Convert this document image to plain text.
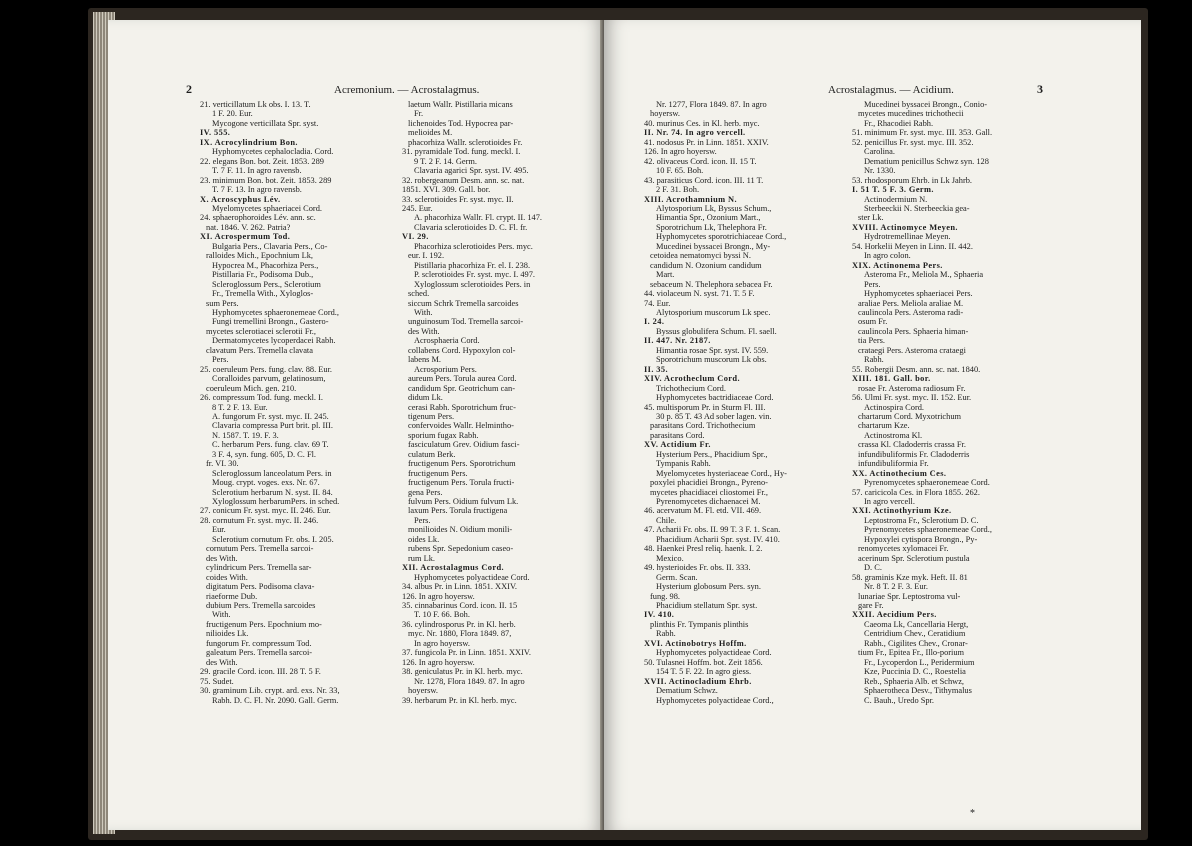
2	Acremonium. — Acrostalagmus.
21. verticillatum Lk obs. I. 13. T.
1 F. 20. Eur.
Mycogone verticillata Spr. syst.
IV. 555.
IX. Acrocylindrium Bon.
Hyphomycetes cephalocladia. Cord.
22. elegans Bon. bot. Zeit. 1853. 289
T. 7 F. 11. In agro ravensb.
23. minimum Bon. bot. Zeit. 1853. 289
T. 7 F. 13. In agro ravensb.
X. Acroscyphus Lév.
Myelomycetes sphaeriacei Cord.
24. sphaerophoroides Lév. ann. sc.
nat. 1846. V. 262. Patria?
XI. Acrospermum Tod.
Bulgaria Pers., Clavaria Pers., Co-
ralloides Mich., Epochnium Lk,
Hypocrea M., Phacorhiza Pers.,
Pistillaria Fr., Podisoma Dub.,
Scleroglossum Pers., Sclerotium
Fr., Tremella With., Xyloglos-
sum Pers.
Hyphomycetes sphaeronemeae Cord.,
Fungi tremellini Brongn., Gastero-
mycetes sclerotiacei sclerotii Fr.,
Dermatomycetes lycoperdacei Rabh.
clavatum Pers. Tremella clavata
Pers.
25. coeruleum Pers. fung. clav. 88. Eur.
Coralloides parvum, gelatinosum,
coeruleum Mich. gen. 210.
26. compressum Tod. fung. meckl. I.
8 T. 2 F. 13. Eur.
A. fungorum Fr. syst. myc. II. 245.
Clavaria compressa Purt brit. pl. III.
N. 1587. T. 19. F. 3.
C. herbarum Pers. fung. clav. 69 T.
3 F. 4, syn. fung. 605, D. C. Fl.
fr. VI. 30.
Scleroglossum lanceolatum Pers. in
Moug. crypt. voges. exs. Nr. 67.
Sclerotium herbarum N. syst. II. 84.
Xyloglossum herbarumPers. in sched.
27. conicum Fr. syst. myc. II. 246. Eur.
28. cornutum Fr. syst. myc. II. 246.
Eur.
Sclerotium cornutum Fr. obs. I. 205.
cornutum Pers. Tremella sarcoi-
des With.
cylindricum Pers. Tremella sar-
coides With.
digitatum Pers. Podisoma clava-
riaeforme Dub.
dubium Pers. Tremella sarcoides
With.
fructigenum Pers. Epochnium mo-
nilioides Lk.
fungorum Fr. compressum Tod.
galeatum Pers. Tremella sarcoi-
des With.
29. gracile Cord. icon. III. 28 T. 5 F.
75. Sudet.
30. graminum Lib. crypt. ard. exs. Nr. 33,
Rabh. D. C. Fl. Nr. 2090. Gall. Germ.
laetum Wallr. Pistillaria micans
Fr.
lichenoides Tod. Hypocrea par-
melioides M.
phacorhiza Wallr. sclerotioides Fr.
31. pyramidale Tod. fung. meckl. I.
9 T. 2 F. 14. Germ.
Clavaria agarici Spr. syst. IV. 495.
32. robergeanum Desm. ann. sc. nat.
1851. XVI. 309. Gall. bor.
33. sclerotioides Fr. syst. myc. II.
245. Eur.
A. phacorhiza Wallr. Fl. crypt. II. 147.
Clavaria sclerotioides D. C. Fl. fr.
VI. 29.
Phacorhiza sclerotioides Pers. myc.
eur. I. 192.
Pistillaria phacorhiza Fr. el. I. 238.
P. sclerotioides Fr. syst. myc. I. 497.
Xyloglossum sclerotioides Pers. in
sched.
siccum Schrk Tremella sarcoides
With.
unguinosum Tod. Tremella sarcoi-
des With.
Acrosphaeria Cord.
collabens Cord. Hypoxylon col-
labens M.
Acrosporium Pers.
aureum Pers. Torula aurea Cord.
candidum Spr. Geotrichum can-
didum Lk.
cerasi Rabh. Sporotrichum fruc-
tigenum Pers.
confervoides Wallr. Helmintho-
sporium fugax Rabh.
fasciculatum Grev. Oidium fasci-
culatum Berk.
fructigenum Pers. Sporotrichum
fructigenum Pers.
fructigenum Pers. Torula fructi-
gena Pers.
fulvum Pers. Oidium fulvum Lk.
laxum Pers. Torula fructigena
Pers.
monilioides N. Oidium monili-
oides Lk.
rubens Spr. Sepedonium caseo-
rum Lk.
XII. Acrostalagmus Cord.
Hyphomycetes polyactideae Cord.
34. albus Pr. in Linn. 1851. XXIV.
126. In agro hoyersw.
35. cinnabarinus Cord. icon. II. 15
T. 10 F. 66. Boh.
36. cylindrosporus Pr. in Kl. herb.
myc. Nr. 1880, Flora 1849. 87,
In agro hoyersw.
37. fungicola Pr. in Linn. 1851. XXIV.
126. In agro hoyersw.
38. geniculatus Pr. in Kl. herb. myc.
Nr. 1278, Flora 1849. 87. In agro
hoyersw.
39. herbarum Pr. in Kl. herb. myc.
Acrostalagmus. — Acidium.	3
Nr. 1277, Flora 1849. 87. In agro
hoyersw.
40. murinus Ces. in Kl. herb. myc.
II. Nr. 74. In agro vercell.
41. nodosus Pr. in Linn. 1851. XXIV.
126. In agro hoyersw.
42. olivaceus Cord. icon. II. 15 T.
10 F. 65. Boh.
43. parasiticus Cord. icon. III. 11 T.
2 F. 31. Boh.
XIII. Acrothamnium N.
Alytosporium Lk, Byssus Schum.,
Himantia Spr., Ozonium Mart.,
Sporotrichum Lk, Thelephora Fr.
Hyphomycetes sporotrichiaceae Cord.,
Mucedinei byssacei Brongn., My-
cetoidea nematomyci byssi N.
candidum N. Ozonium candidum
Mart.
sebaceum N. Thelephora sebacea Fr.
44. violaceum N. syst. 71. T. 5 F.
74. Eur.
Alytosporium muscorum Lk spec.
I. 24.
Byssus globulifera Schum. Fl. saell.
II. 447. Nr. 2187.
Himantia rosae Spr. syst. IV. 559.
Sporotrichum muscorum Lk obs.
II. 35.
XIV. Acrotheclum Cord.
Trichothecium Cord.
Hyphomycetes bactridiaceae Cord.
45. multisporum Pr. in Sturm Fl. III.
30 p. 85 T. 43 Ad sober lagen. vin.
parasitans Cord. Trichothecium
parasitans Cord.
XV. Actidium Fr.
Hysterium Pers., Phacidium Spr.,
Tympanis Rabh.
Myelomycetes hysteriaceae Cord., Hy-
poxylei phacidiei Brongn., Pyreno-
mycetes phacidiacei cliostomei Fr.,
Pyrenomycetes dichaenacei M.
46. acervatum M. Fl. etd. VII. 469.
Chile.
47. Acharii Fr. obs. II. 99 T. 3 F. 1. Scan.
Phacidium Acharii Spr. syst. IV. 410.
48. Haenkei Presl reliq. haenk. I. 2.
Mexico.
49. hysterioides Fr. obs. II. 333.
Germ. Scan.
Hysterium globosum Pers. syn.
fung. 98.
Phacidium stellatum Spr. syst.
IV. 410.
plinthis Fr. Tympanis plinthis
Rabh.
XVI. Actinobotrys Hoffm.
Hyphomycetes polyactideae Cord.
50. Tulasnei Hoffm. bot. Zeit 1856.
154 T. 5 F. 22. In agro giess.
XVII. Actinocladium Ehrb.
Dematium Schwz.
Hyphomycetes polyactideae Cord.,
Mucedinei byssacei Brongn., Conio-
mycetes mucedines trichothecii
Fr., Rhacodiei Rabh.
51. minimum Fr. syst. myc. III. 353. Gall.
52. penicillus Fr. syst. myc. III. 352.
Carolina.
Dematium penicillus Schwz syn. 128
Nr. 1330.
53. rhodosporum Ehrb. in Lk Jahrb.
I. 51 T. 5 F. 3. Germ.
Actinodermium N.
Sterbeeckii N. Sterbeeckia gea-
ster Lk.
XVIII. Actinomyce Meyen.
Hydrotremellinae Meyen.
54. Horkelii Meyen in Linn. II. 442.
In agro colon.
XIX. Actinonema Pers.
Asteroma Fr., Meliola M., Sphaeria
Pers.
Hyphomycetes sphaeriacei Pers.
araliae Pers. Meliola araliae M.
caulincola Pers. Asteroma radi-
osum Fr.
caulincola Pers. Sphaeria himan-
tia Pers.
crataegi Pers. Asteroma crataegi
Rabh.
55. Robergii Desm. ann. sc. nat. 1840.
XIII. 181. Gall. bor.
rosae Fr. Asteroma radiosum Fr.
56. Ulmi Fr. syst. myc. II. 152. Eur.
Actinospira Cord.
chartarum Cord. Myxotrichum
chartarum Kze.
Actinostroma Kl.
crassa Kl. Cladoderris crassa Fr.
infundibuliformis Fr. Cladoderris
infundibuliformia Fr.
XX. Actinothecium Ces.
Pyrenomycetes sphaeronemeae Cord.
57. caricicola Ces. in Flora 1855. 262.
In agro vercell.
XXI. Actinothyrium Kze.
Leptostroma Fr., Sclerotium D. C.
Pyrenomycetes sphaeronemeae Cord.,
Hypoxylei cytispora Brongn., Py-
renomycetes xylomacei Fr.
acerinum Spr. Sclerotium pustula
D. C.
58. graminis Kze myk. Heft. II. 81
Nr. 8 T. 2 F. 3. Eur.
lunariae Spr. Leptostroma vul-
gare Fr.
XXII. Aecidium Pers.
Caeoma Lk, Cancellaria Hergt,
Centridium Chev., Ceratidium
Rabh., Cigilites Chev., Cronar-
tium Fr., Epitea Fr., Illo-porium
Fr., Lycoperdon L., Peridermium
Kze, Puccinia D. C., Roestelia
Reb., Sphaeria Alb. et Schwz,
Sphaerotheca Desv., Tithymalus
C. Bauh., Uredo Spr.
*
